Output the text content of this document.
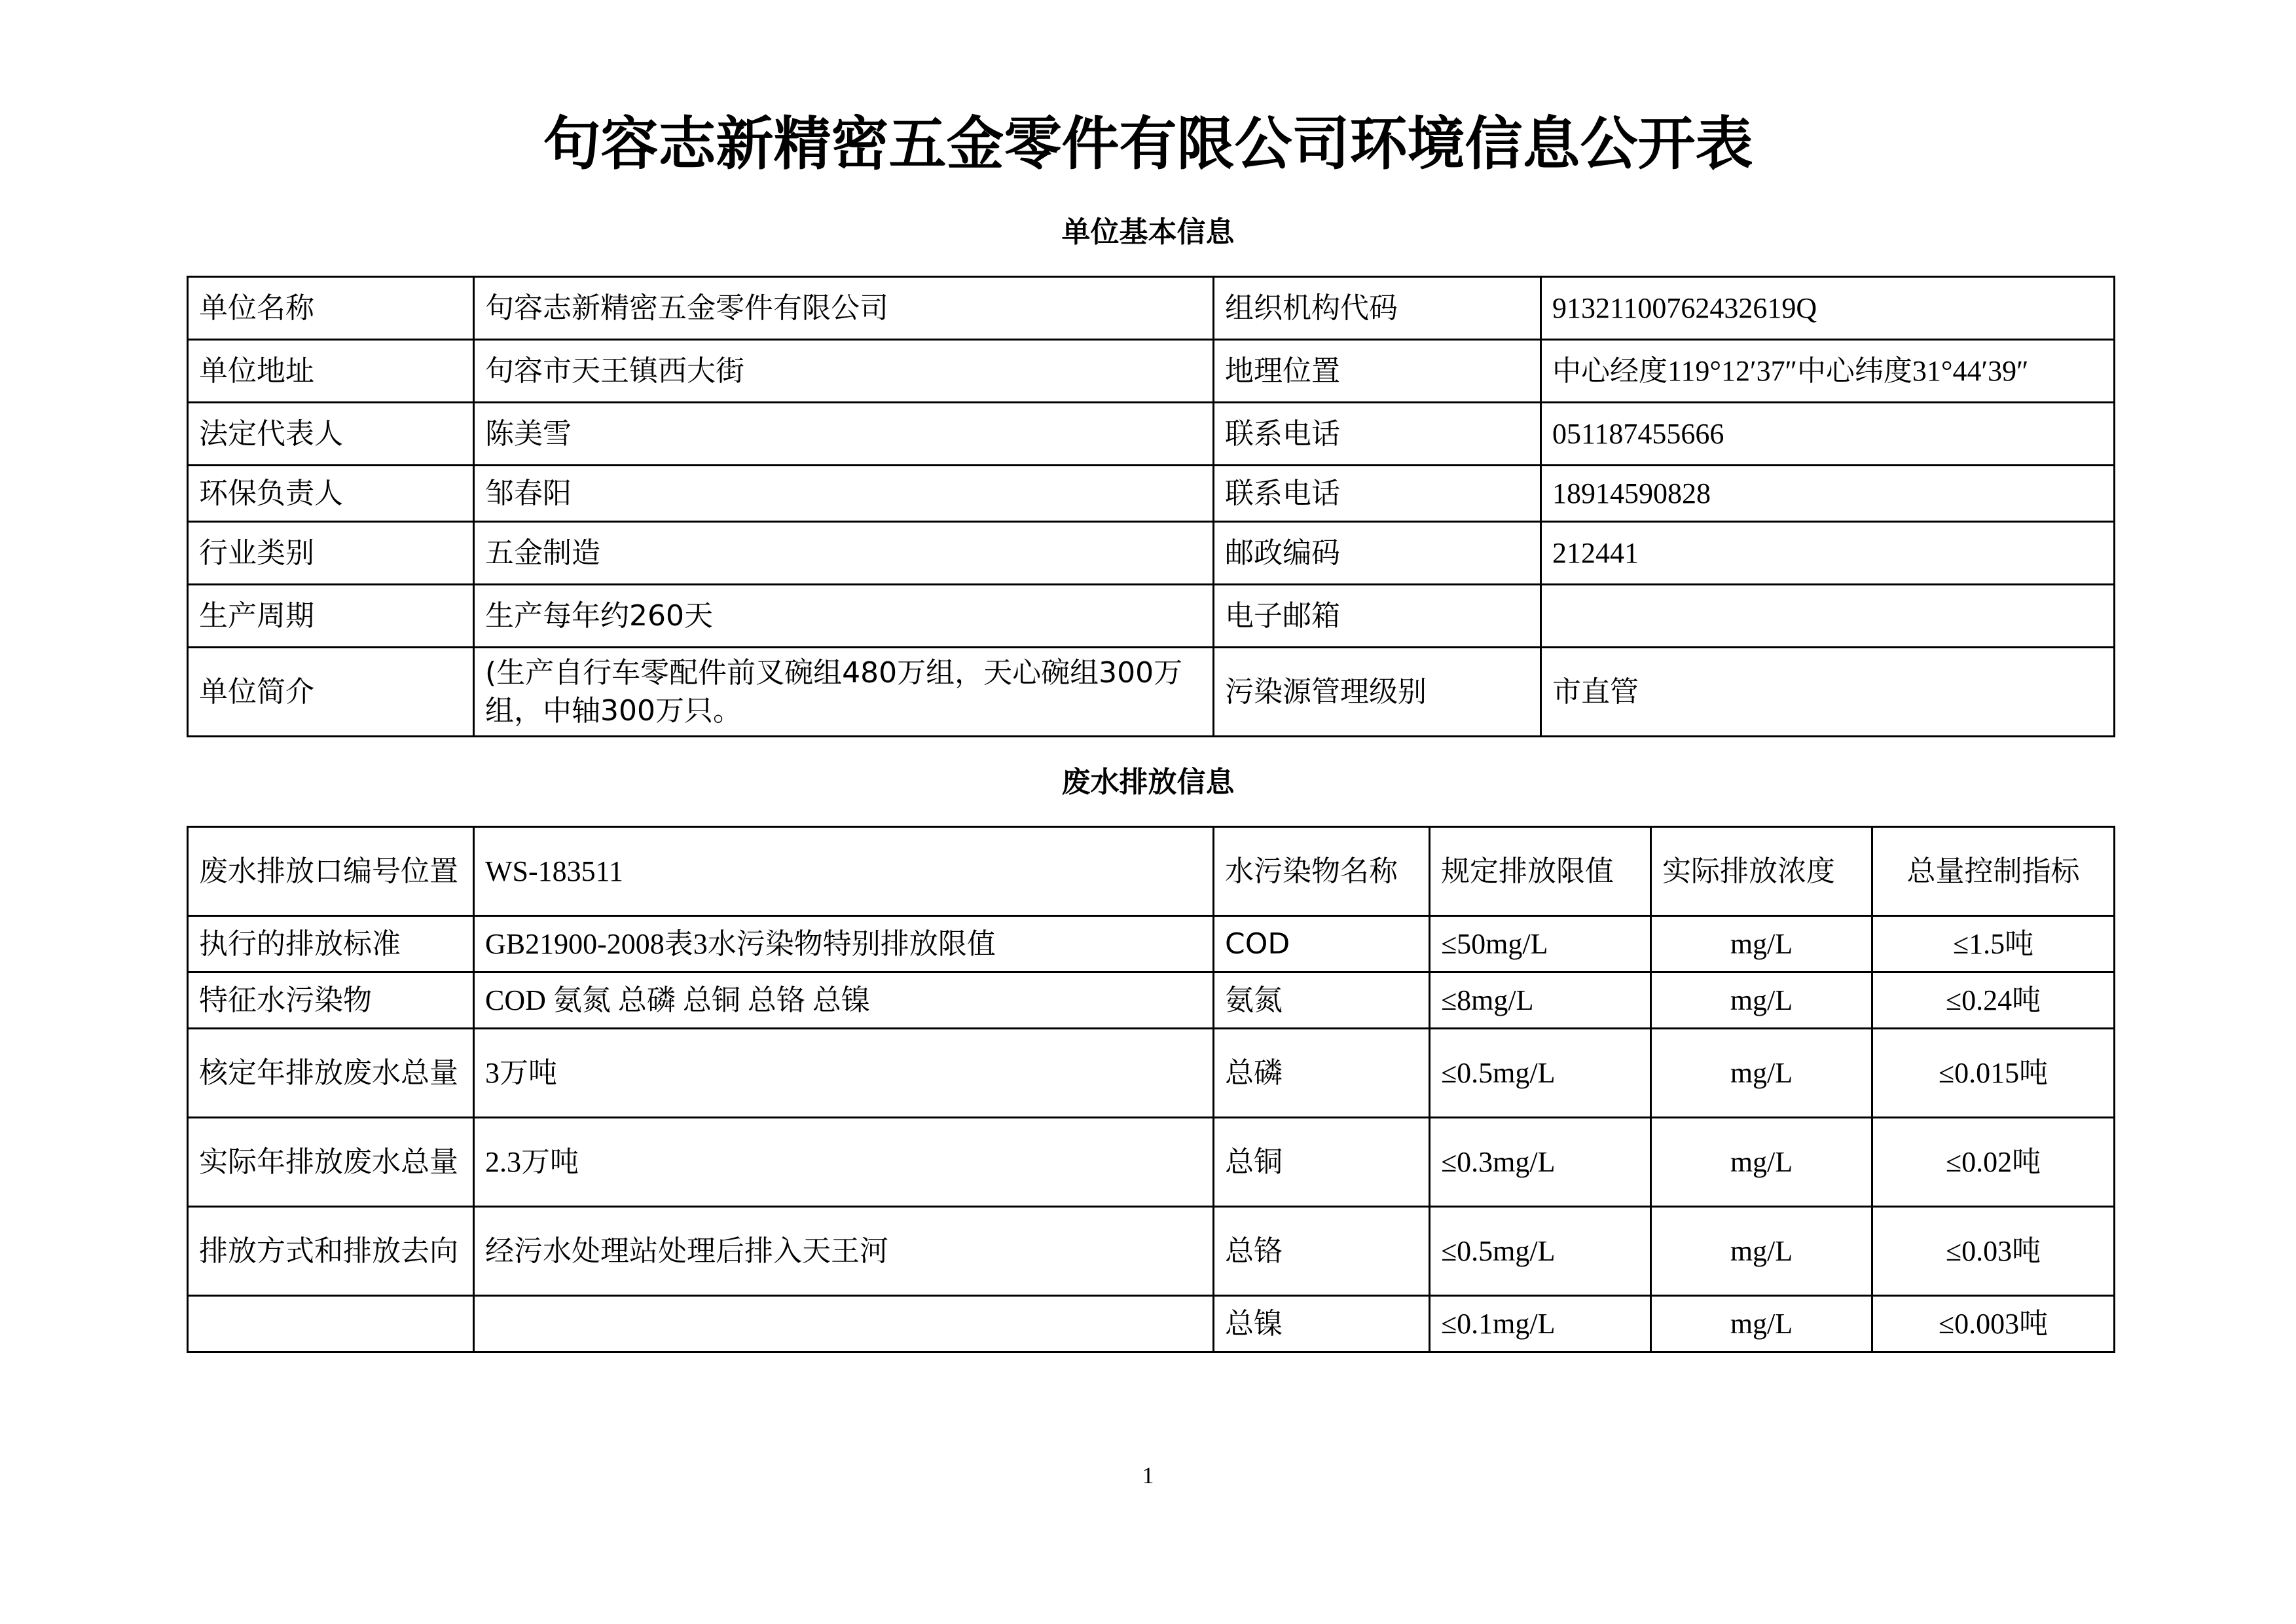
句容志新精密五金零件有限公司环境信息公开表
单位基本信息
单位名称	句容志新精密五金零件有限公司	组织机构代码	91321100762432619Q
单位地址	句容市天王镇西大街	地理位置	中心经度119°12′37″中心纬度31°44′39″
法定代表人	陈美雪	联系电话	051187455666
环保负责人	邹春阳	联系电话	18914590828
行业类别	五金制造	邮政编码	212441
生产周期	生产每年约260天	电子邮箱	
单位简介	(生产自行车零配件前叉碗组480万组，天心碗组300万组，中轴300万只。	污染源管理级别	市直管
废水排放信息
废水排放口编号位置	WS-183511	水污染物名称	规定排放限值	实际排放浓度	总量控制指标
执行的排放标准	GB21900-2008表3水污染物特别排放限值	COD	≤50mg/L	mg/L	≤1.5吨
特征水污染物	COD 氨氮 总磷 总铜 总铬 总镍	氨氮	≤8mg/L	mg/L	≤0.24吨
核定年排放废水总量	3万吨	总磷	≤0.5mg/L	mg/L	≤0.015吨
实际年排放废水总量	2.3万吨	总铜	≤0.3mg/L	mg/L	≤0.02吨
排放方式和排放去向	经污水处理站处理后排入天王河	总铬	≤0.5mg/L	mg/L	≤0.03吨
		总镍	≤0.1mg/L	mg/L	≤0.003吨
1
